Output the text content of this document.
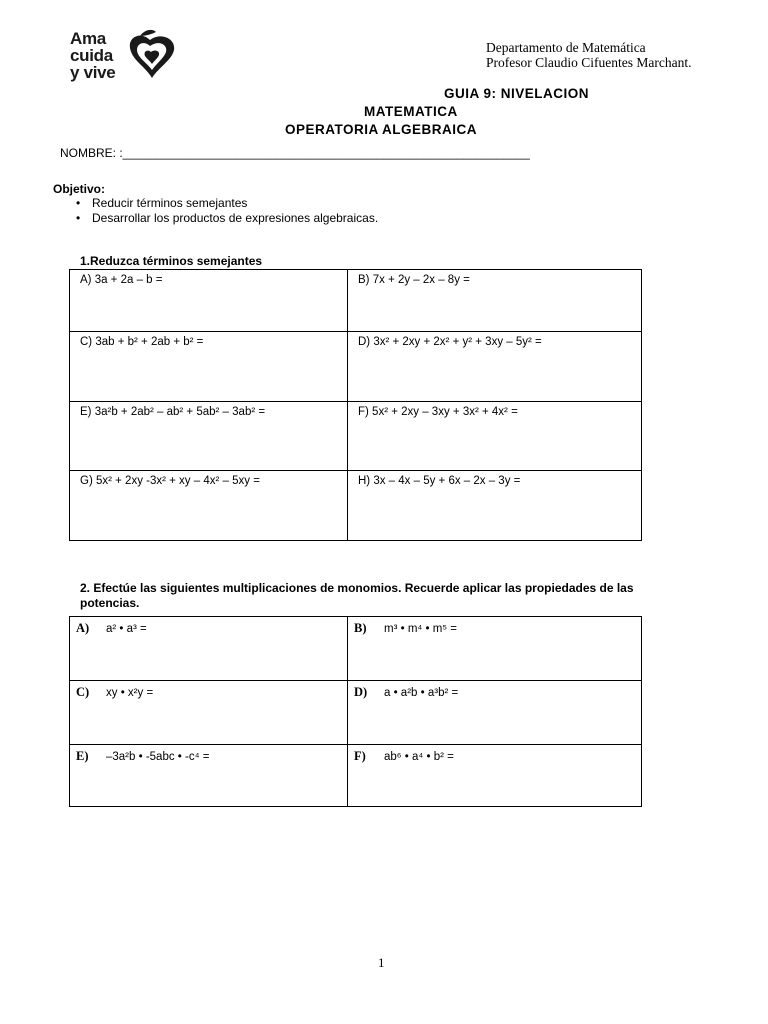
Ama
cuida
y vive
Departamento de Matemática
Profesor Claudio Cifuentes Marchant.
GUIA 9: NIVELACION
MATEMATICA
OPERATORIA ALGEBRAICA
NOMBRE: :_____________________________________________________________
Objetivo:
• Reducir términos semejantes
• Desarrollar los productos de expresiones algebraicas.
1.Reduzca términos semejantes
A) 3a + 2a – b =	B) 7x + 2y – 2x – 8y =
C) 3ab + b² + 2ab + b² =	D) 3x² + 2xy + 2x² + y² + 3xy – 5y² =
E) 3a²b + 2ab² – ab² + 5ab² – 3ab² =	F) 5x² + 2xy – 3xy + 3x² + 4x² =
G) 5x² + 2xy -3x² + xy – 4x² – 5xy =	H) 3x – 4x – 5y + 6x – 2x – 3y =
2. Efectúe las siguientes multiplicaciones de monomios. Recuerde aplicar las propiedades de las
potencias.
A) a² • a³ =	B) m³ • m⁴ • m⁵ =
C) xy • x²y =	D) a • a²b • a³b² =
E) –3a²b • -5abc • -c⁴ =	F) ab⁶ • a⁴ • b² =
1
